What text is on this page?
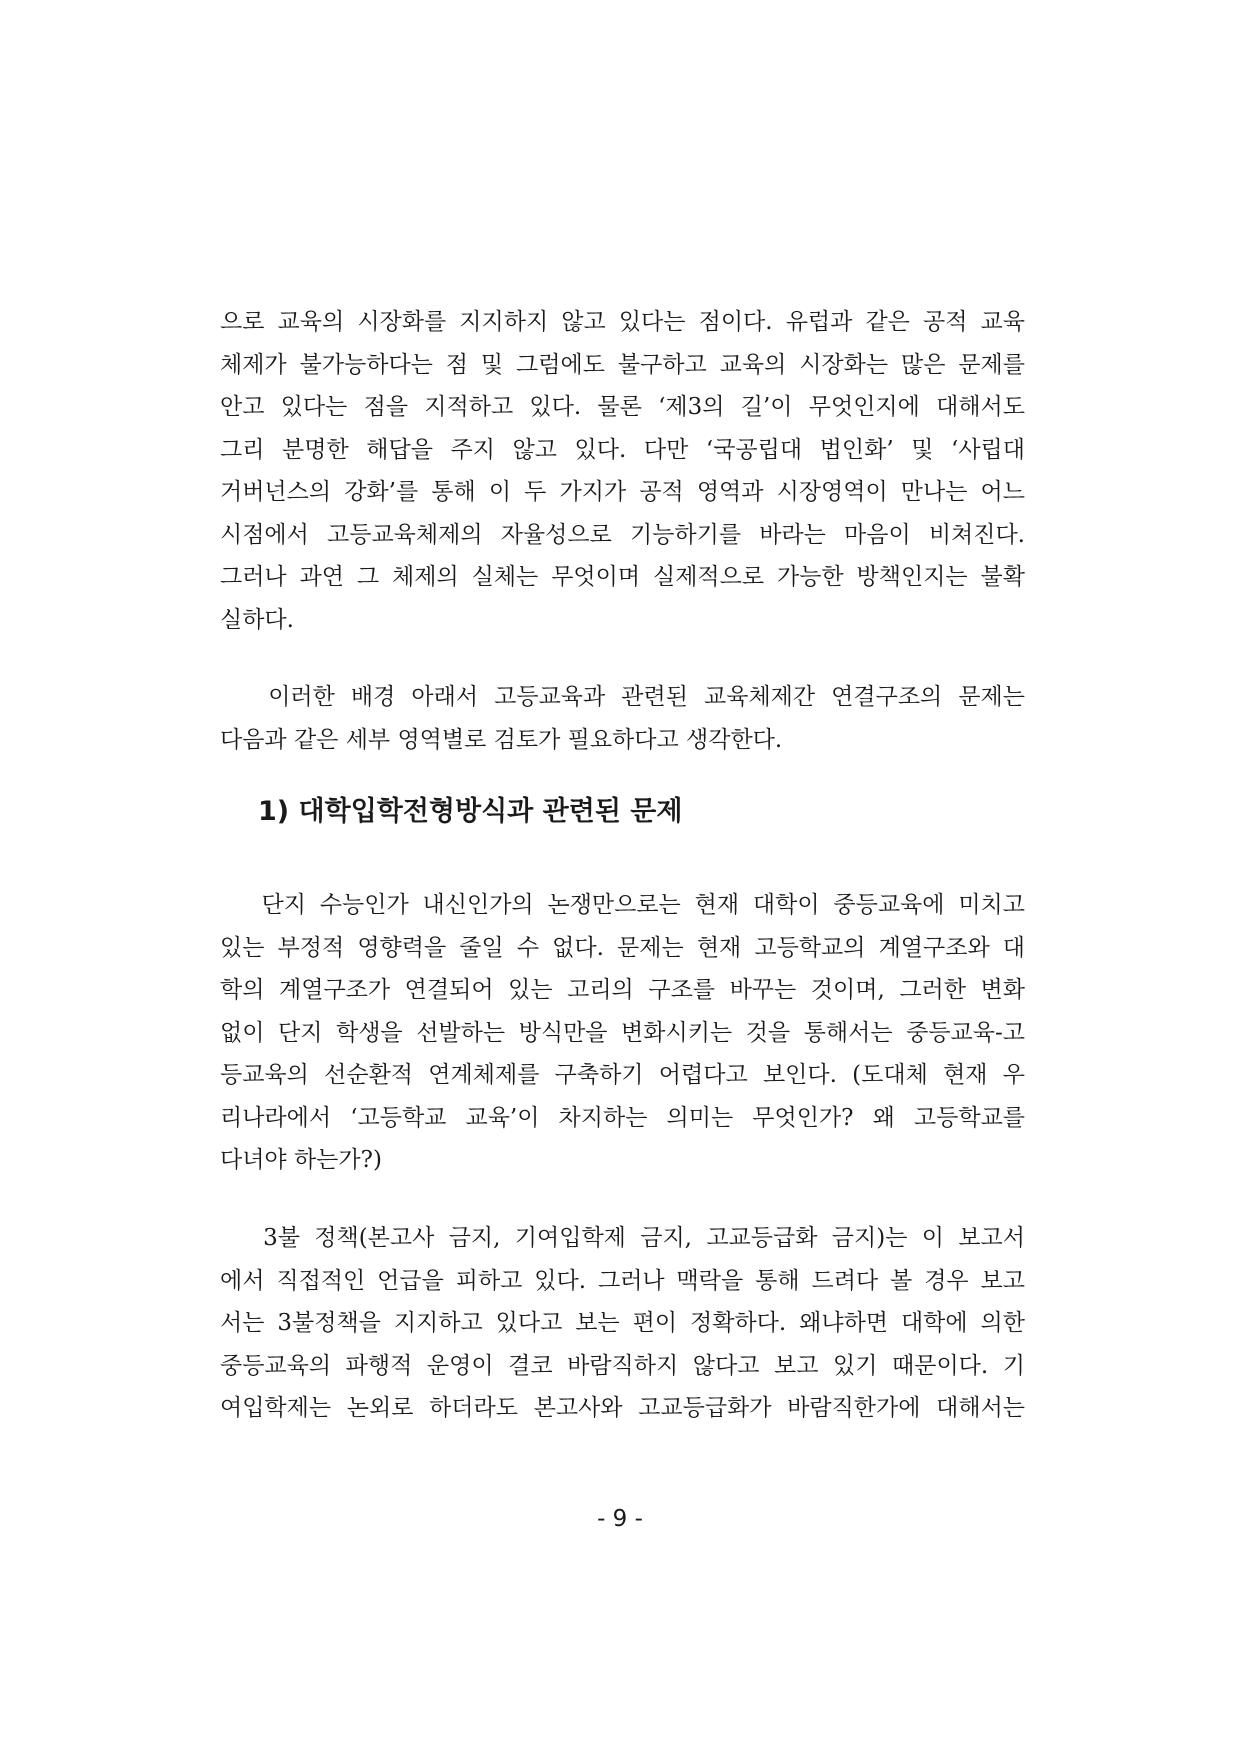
으로 교육의 시장화를 지지하지 않고 있다는 점이다. 유럽과 같은 공적 교육
체제가 불가능하다는 점 및 그럼에도 불구하고 교육의 시장화는 많은 문제를
안고 있다는 점을 지적하고 있다. 물론 ‘제3의 길’이 무엇인지에 대해서도
그리 분명한 해답을 주지 않고 있다. 다만 ‘국공립대 법인화’ 및 ‘사립대
거버넌스의 강화’를 통해 이 두 가지가 공적 영역과 시장영역이 만나는 어느
시점에서 고등교육체제의 자율성으로 기능하기를 바라는 마음이 비쳐진다.
그러나 과연 그 체제의 실체는 무엇이며 실제적으로 가능한 방책인지는 불확
실하다.
이러한 배경 아래서 고등교육과 관련된 교육체제간 연결구조의 문제는
다음과 같은 세부 영역별로 검토가 필요하다고 생각한다.
1) 대학입학전형방식과 관련된 문제
단지 수능인가 내신인가의 논쟁만으로는 현재 대학이 중등교육에 미치고
있는 부정적 영향력을 줄일 수 없다. 문제는 현재 고등학교의 계열구조와 대
학의 계열구조가 연결되어 있는 고리의 구조를 바꾸는 것이며, 그러한 변화
없이 단지 학생을 선발하는 방식만을 변화시키는 것을 통해서는 중등교육-고
등교육의 선순환적 연계체제를 구축하기 어렵다고 보인다. (도대체 현재 우
리나라에서 ‘고등학교 교육’이 차지하는 의미는 무엇인가? 왜 고등학교를
다녀야 하는가?)
3불 정책(본고사 금지, 기여입학제 금지, 고교등급화 금지)는 이 보고서
에서 직접적인 언급을 피하고 있다. 그러나 맥락을 통해 드려다 볼 경우 보고
서는 3불정책을 지지하고 있다고 보는 편이 정확하다. 왜냐하면 대학에 의한
중등교육의 파행적 운영이 결코 바람직하지 않다고 보고 있기 때문이다. 기
여입학제는 논외로 하더라도 본고사와 고교등급화가 바람직한가에 대해서는
- 9 -
